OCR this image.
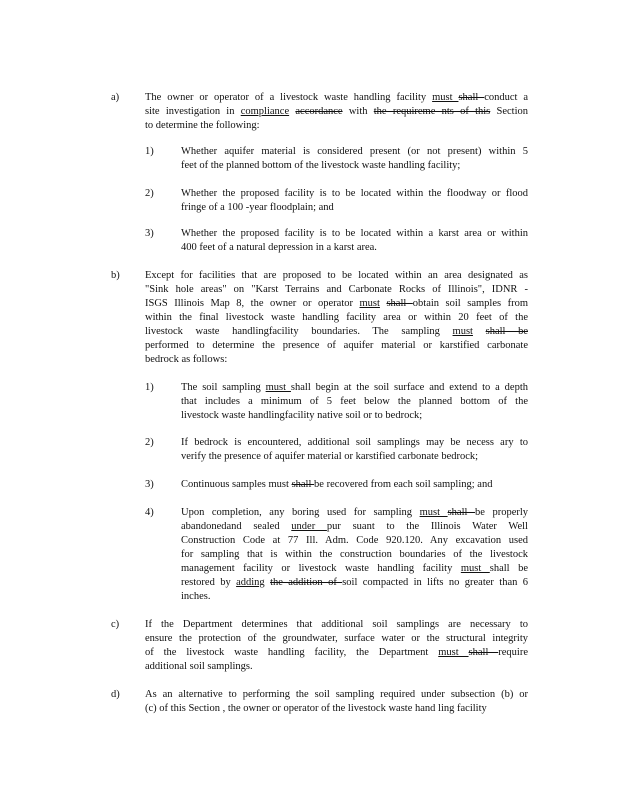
a) The owner or operator of a livestock waste handling facility must shall conduct a
site investigation in compliance accordance with the requireme nts of this Section
to determine the following:
1)	Whether aquifer material is considered present (or not present) within 5
feet of the planned bottom of the livestock waste handling facility;
2)	Whether the proposed facility is to be located within the floodway or flood
fringe of a 100 -year floodplain; and
3)	Whether the proposed facility is to be located within a karst area or within
400 feet of a natural depression in a karst area.
b) Except for facilities that are proposed to be located within an area designated as
"Sink hole areas" on "Karst Terrains and Carbonate Rocks of Illinois", IDNR -
ISGS Illinois Map 8, the owner or operator must shall obtain soil samples from
within the final livestock waste handling facility area or within 20 feet of the
livestock waste handlingfacility boundaries. The sampling must shall be
performed to determine the presence of aquifer material or karstified carbonate
bedrock as follows:
1)	The soil sampling must shall begin at the soil surface and extend to a depth
that includes a minimum of 5 feet below the planned bottom of the
livestock waste handlingfacility native soil or to bedrock;
2)	If bedrock is encountered, additional soil samplings may be necess ary to
verify the presence of aquifer material or karstified carbonate bedrock;
3)	Continuous samples must shall be recovered from each soil sampling; and
4)	Upon completion, any boring used for sampling must shall be properly
abandonedand sealed under pur suant to the Illinois Water Well
Construction Code at 77 Ill. Adm. Code 920.120. Any excavation used
for sampling that is within the construction boundaries of the livestock
management facility or livestock waste handling facility must shall be
restored by adding the addition of soil compacted in lifts no greater than 6
inches.
c) If the Department determines that additional soil samplings are necessary to
ensure the protection of the groundwater, surface water or the structural integrity
of the livestock waste handling facility, the Department must shall require
additional soil samplings.
d) As an alternative to performing the soil sampling required under subsection (b) or
(c) of this Section , the owner or operator of the livestock waste hand ling facility
